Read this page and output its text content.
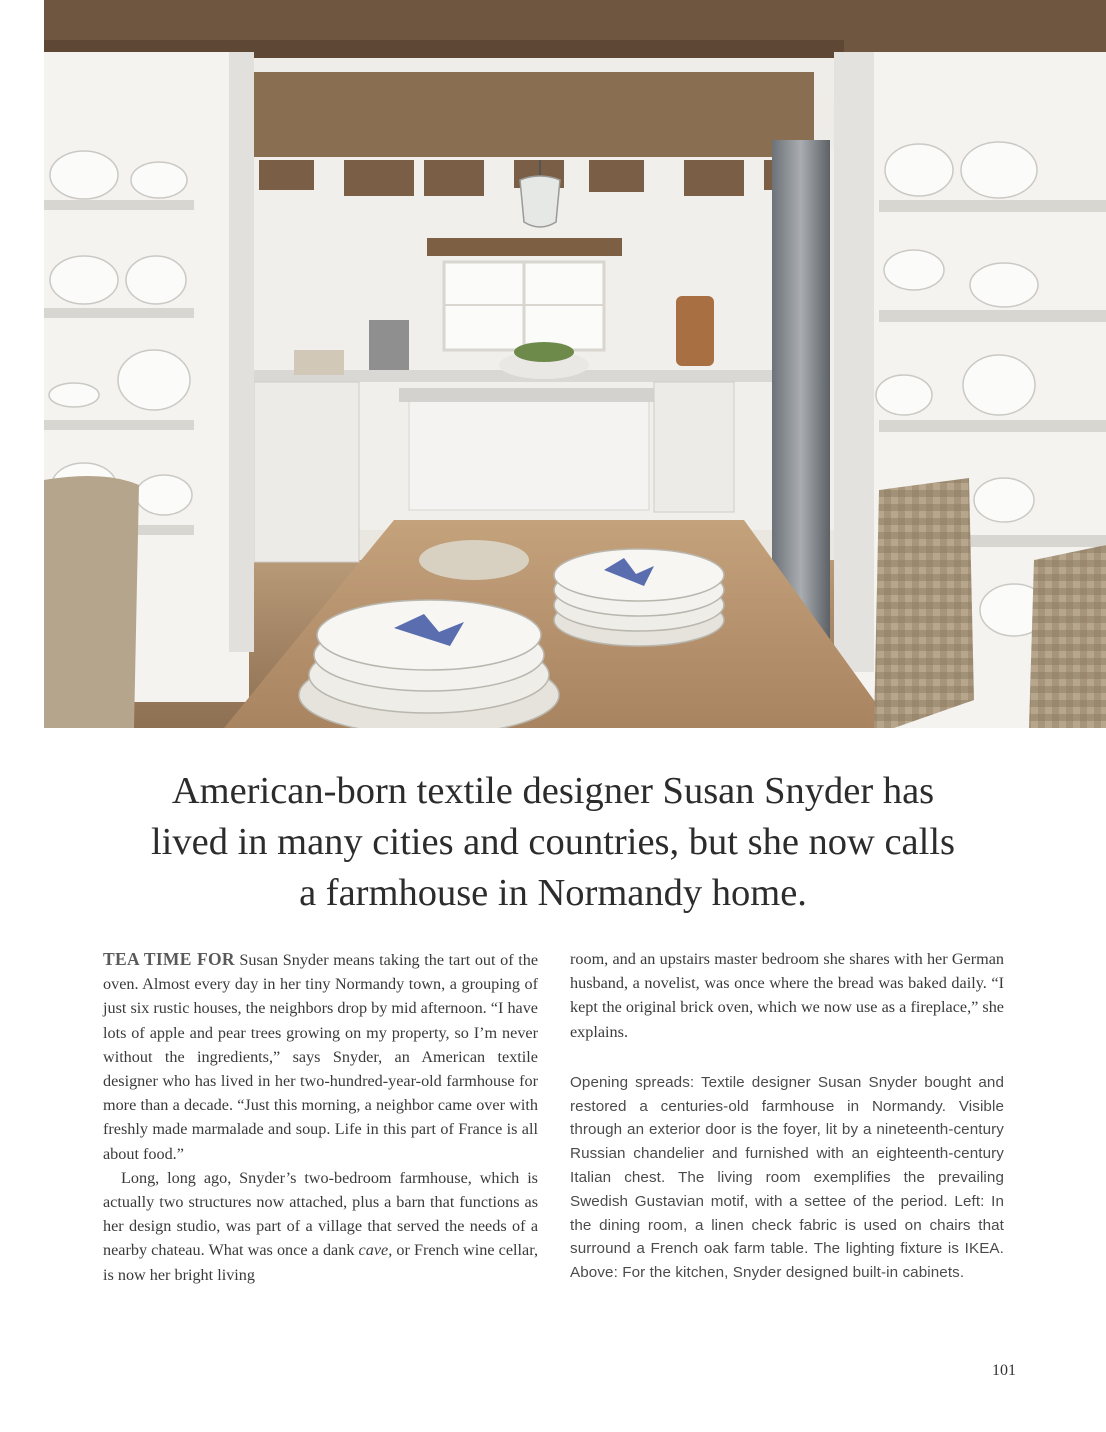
American-born textile designer Susan Snyder has lived in many cities and countries, but she now calls a farmhouse in Normandy home.

TEA TIME FOR Susan Snyder means taking the tart out of the oven. Almost every day in her tiny Normandy town, a grouping of just six rustic houses, the neighbors drop by mid afternoon. “I have lots of apple and pear trees growing on my property, so I’m never without the ingredients,” says Snyder, an American textile designer who has lived in her two-hundred-year-old farmhouse for more than a decade. “Just this morning, a neighbor came over with freshly made marmalade and soup. Life in this part of France is all about food.”

Long, long ago, Snyder’s two-bedroom farmhouse, which is actually two structures now attached, plus a barn that functions as her design studio, was part of a village that served the needs of a nearby chateau. What was once a dank cave, or French wine cellar, is now her bright living

room, and an upstairs master bedroom she shares with her German husband, a novelist, was once where the bread was baked daily. “I kept the original brick oven, which we now use as a fireplace,” she explains.

Opening spreads: Textile designer Susan Snyder bought and restored a centuries-old farmhouse in Normandy. Visible through an exterior door is the foyer, lit by a nineteenth-century Russian chandelier and furnished with an eighteenth-century Italian chest. The living room exemplifies the prevailing Swedish Gustavian motif, with a settee of the period. Left: In the dining room, a linen check fabric is used on chairs that surround a French oak farm table. The lighting fixture is IKEA. Above: For the kitchen, Snyder designed built-in cabinets.

101
